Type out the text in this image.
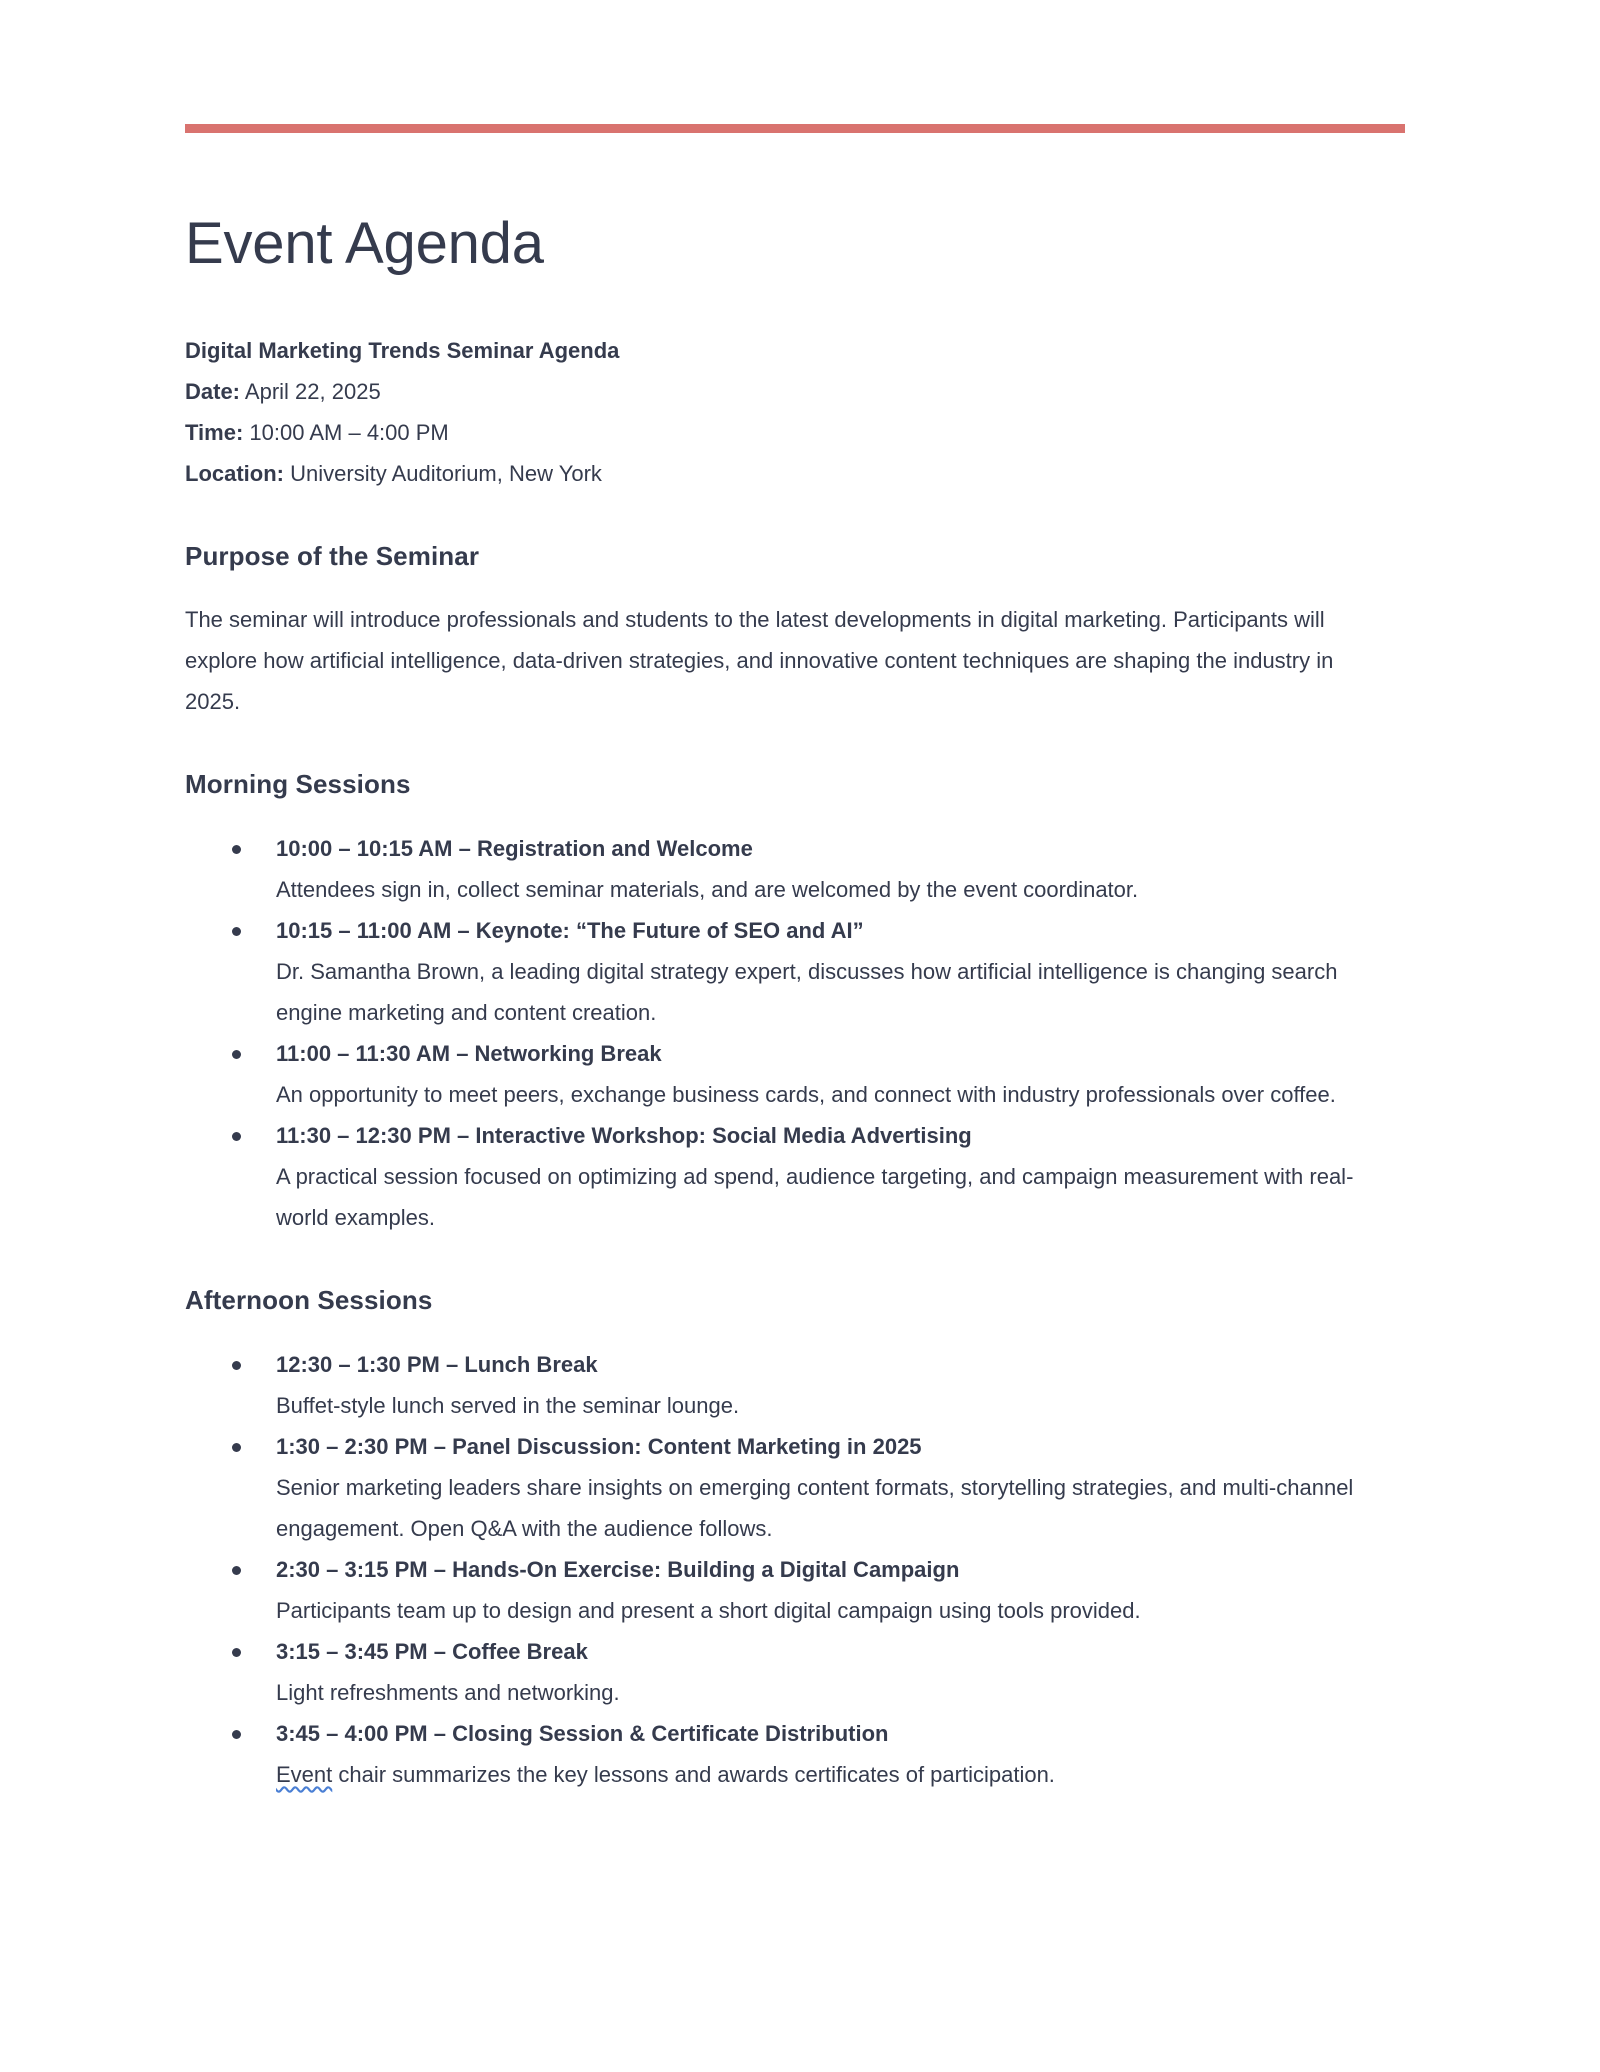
Event Agenda
Digital Marketing Trends Seminar Agenda
Date: April 22, 2025
Time: 10:00 AM – 4:00 PM
Location: University Auditorium, New York
Purpose of the Seminar

The seminar will introduce professionals and students to the latest developments in digital marketing. Participants will explore how artificial intelligence, data-driven strategies, and innovative content techniques are shaping the industry in 2025.

Morning Sessions
10:00 – 10:15 AM – Registration and Welcome
Attendees sign in, collect seminar materials, and are welcomed by the event coordinator.
10:15 – 11:00 AM – Keynote: “The Future of SEO and AI”
Dr. Samantha Brown, a leading digital strategy expert, discusses how artificial intelligence is changing search engine marketing and content creation.
11:00 – 11:30 AM – Networking Break
An opportunity to meet peers, exchange business cards, and connect with industry professionals over coffee.
11:30 – 12:30 PM – Interactive Workshop: Social Media Advertising
A practical session focused on optimizing ad spend, audience targeting, and campaign measurement with real-world examples.
Afternoon Sessions
12:30 – 1:30 PM – Lunch Break
Buffet-style lunch served in the seminar lounge.
1:30 – 2:30 PM – Panel Discussion: Content Marketing in 2025
Senior marketing leaders share insights on emerging content formats, storytelling strategies, and multi-channel engagement. Open Q&A with the audience follows.
2:30 – 3:15 PM – Hands-On Exercise: Building a Digital Campaign
Participants team up to design and present a short digital campaign using tools provided.
3:15 – 3:45 PM – Coffee Break
Light refreshments and networking.
3:45 – 4:00 PM – Closing Session & Certificate Distribution
Event chair summarizes the key lessons and awards certificates of participation.
